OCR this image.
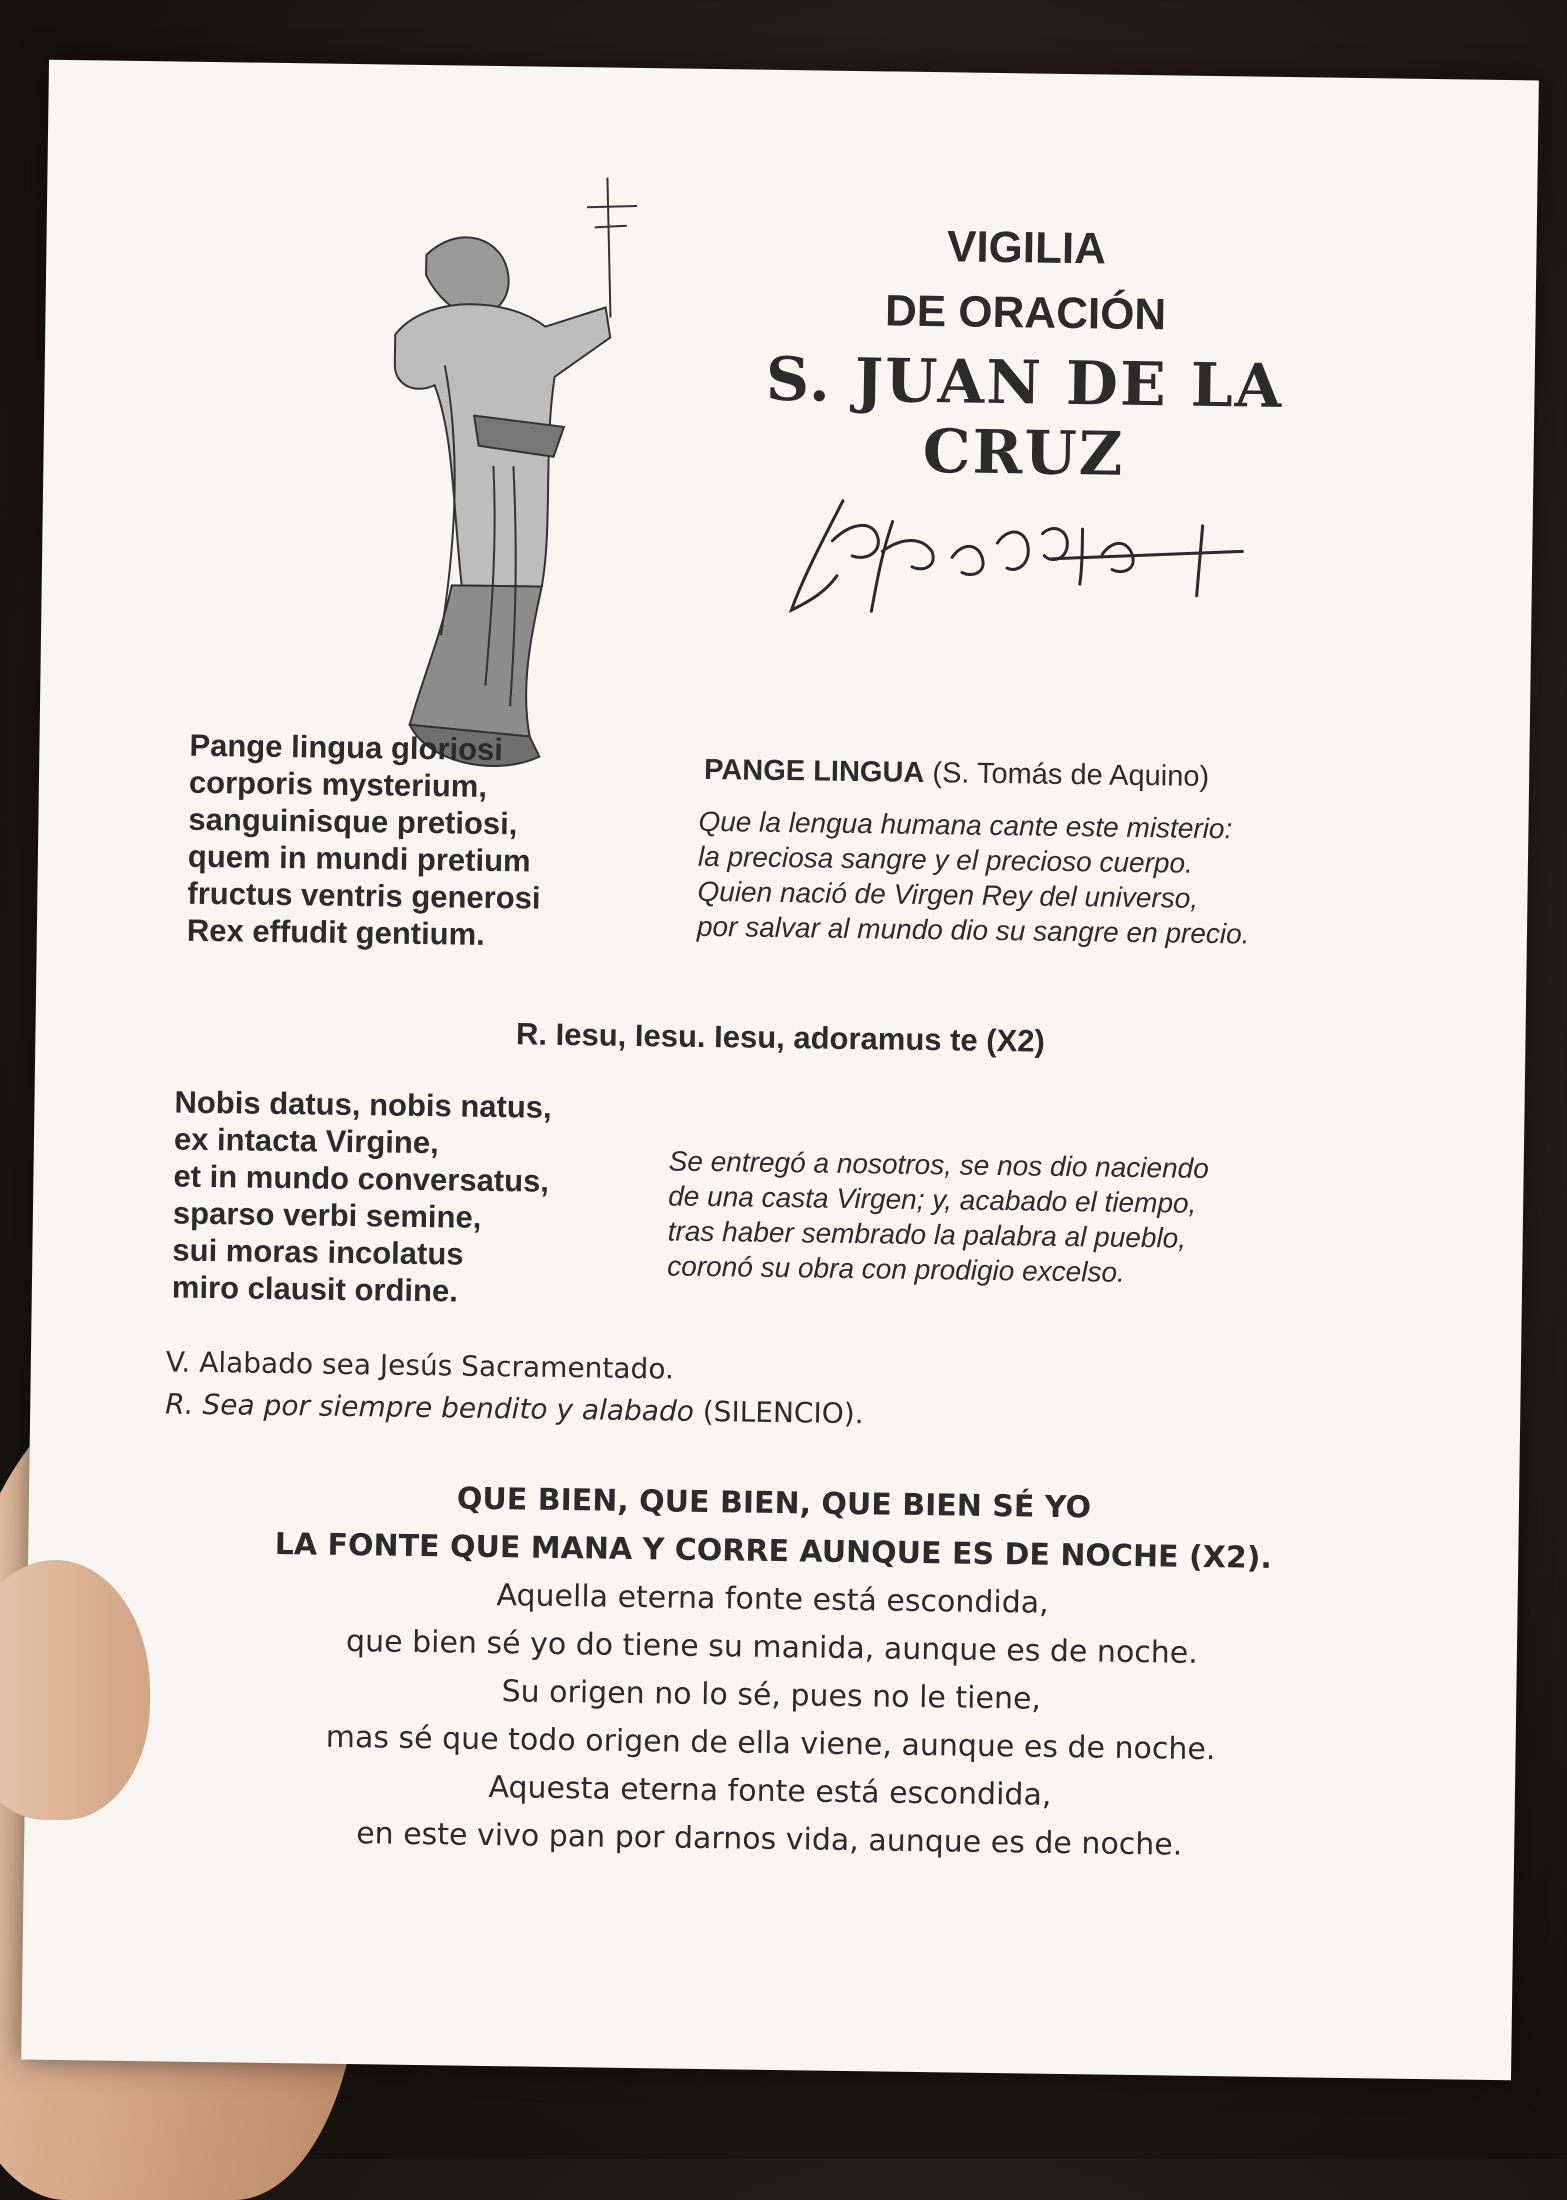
VIGILIA
DE ORACIÓN
S. JUAN DE LA CRUZ
PANGE LINGUA (S. Tomás de Aquino)
Pange lingua gloriosi
corporis mysterium,
sanguinisque pretiosi,
quem in mundi pretium
fructus ventris generosi
Rex effudit gentium.
Que la lengua humana cante este misterio:
la preciosa sangre y el precioso cuerpo.
Quien nació de Virgen Rey del universo,
por salvar al mundo dio su sangre en precio.
R. Iesu, Iesu. Iesu, adoramus te (X2)
Nobis datus, nobis natus,
ex intacta Virgine,
et in mundo conversatus,
sparso verbi semine,
sui moras incolatus
miro clausit ordine.
Se entregó a nosotros, se nos dio naciendo
de una casta Virgen; y, acabado el tiempo,
tras haber sembrado la palabra al pueblo,
coronó su obra con prodigio excelso.
V. Alabado sea Jesús Sacramentado.
R. Sea por siempre bendito y alabado (SILENCIO).
QUE BIEN, QUE BIEN, QUE BIEN SÉ YO
LA FONTE QUE MANA Y CORRE AUNQUE ES DE NOCHE (X2).
Aquella eterna fonte está escondida,
que bien sé yo do tiene su manida, aunque es de noche.
Su origen no lo sé, pues no le tiene,
mas sé que todo origen de ella viene, aunque es de noche.
Aquesta eterna fonte está escondida,
en este vivo pan por darnos vida, aunque es de noche.
